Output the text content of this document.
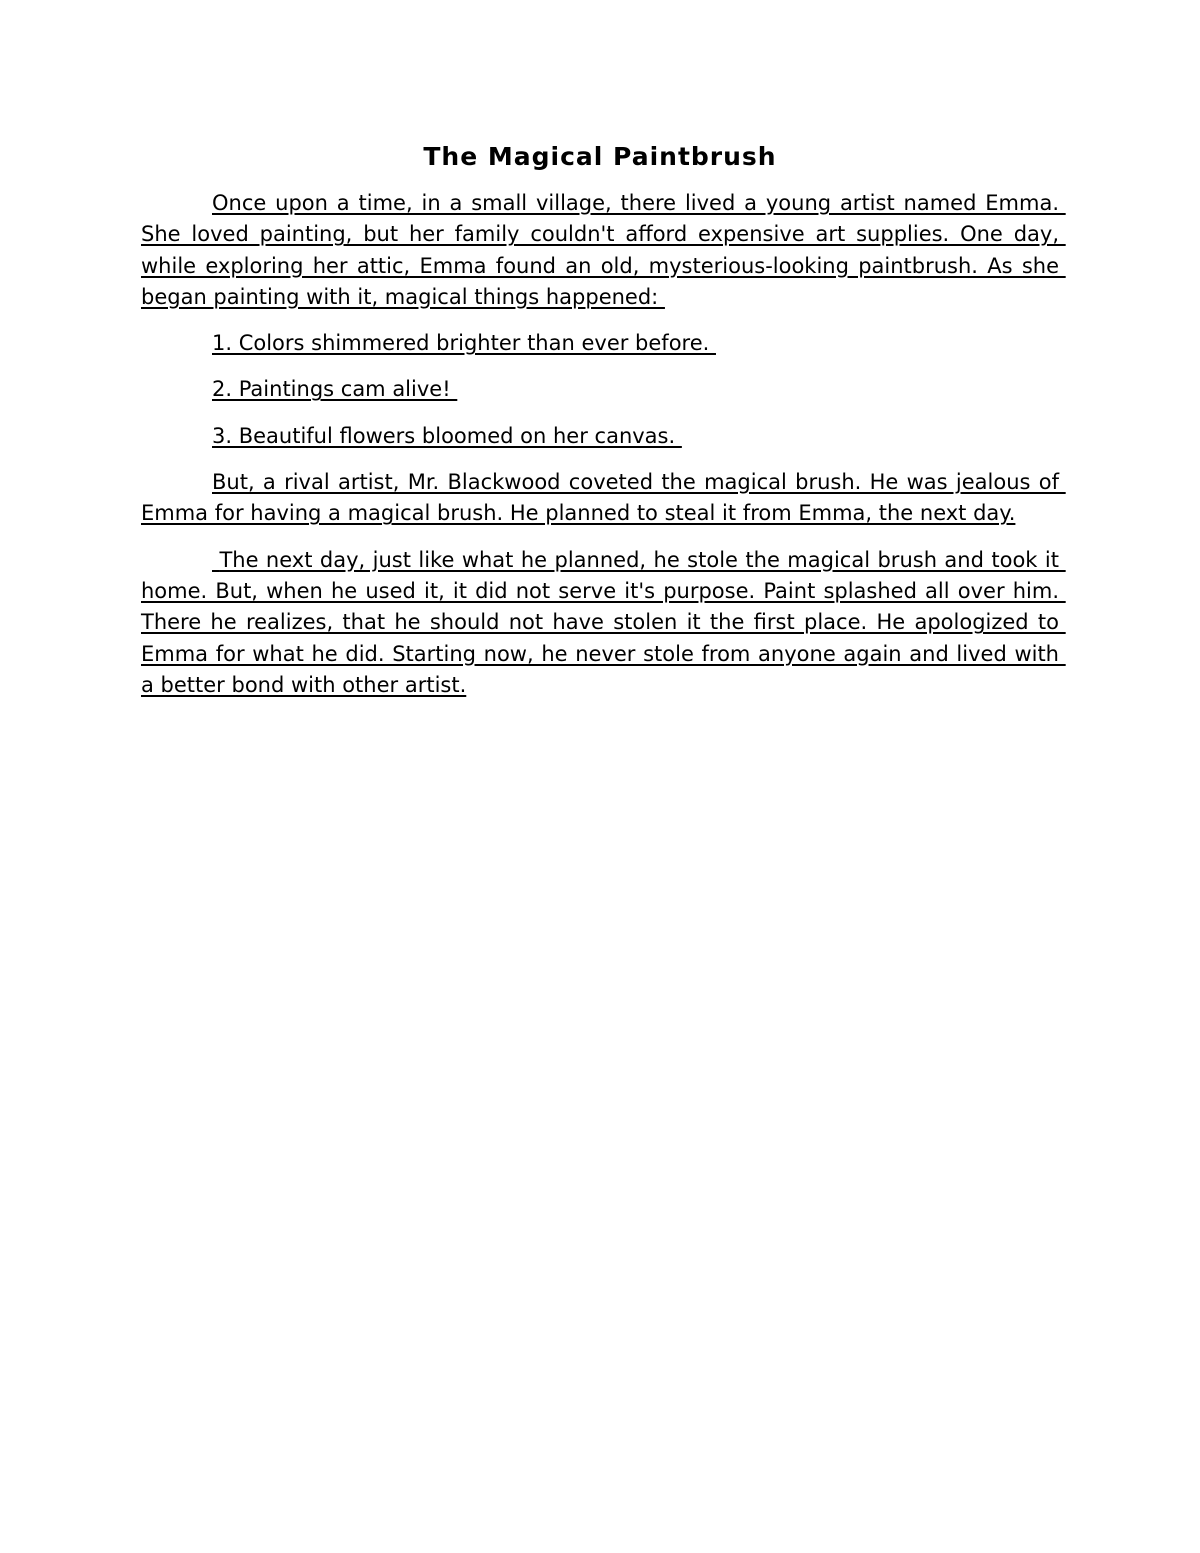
The Magical Paintbrush

Once upon a time, in a small village, there lived a young artist named Emma. She loved painting, but her family couldn't afford expensive art supplies. One day, while exploring her attic, Emma found an old, mysterious-looking paintbrush. As she began painting with it, magical things happened:

1. Colors shimmered brighter than ever before.

2. Paintings cam alive!

3. Beautiful flowers bloomed on her canvas.

But, a rival artist, Mr. Blackwood coveted the magical brush. He was jealous of Emma for having a magical brush. He planned to steal it from Emma, the next day.

The next day, just like what he planned, he stole the magical brush and took it home. But, when he used it, it did not serve it's purpose. Paint splashed all over him. There he realizes, that he should not have stolen it the first place. He apologized to Emma for what he did. Starting now, he never stole from anyone again and lived with a better bond with other artist.
